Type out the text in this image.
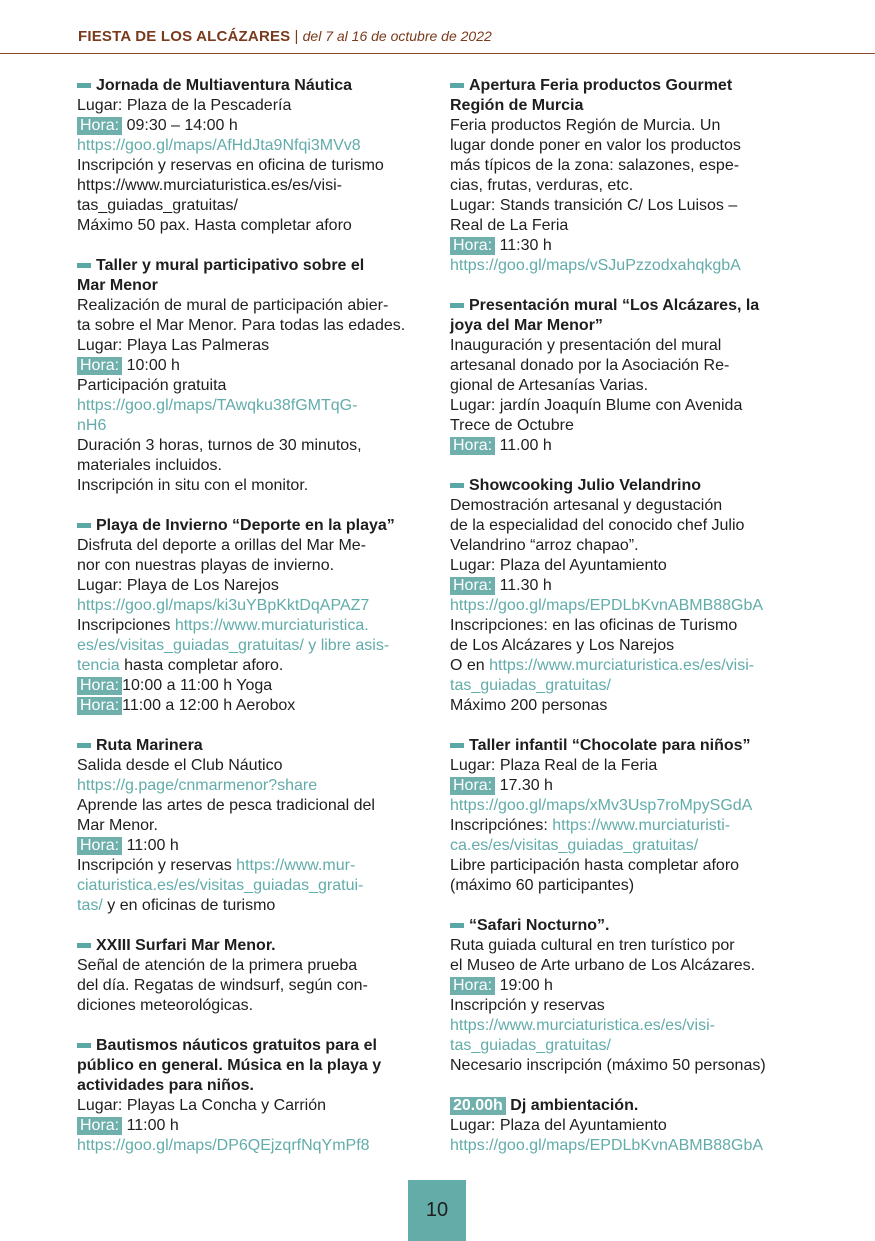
FIESTA DE LOS ALCÁZARES | del 7 al 16 de octubre de 2022
Jornada de Multiaventura Náutica
Lugar: Plaza de la Pescadería
Hora: 09:30 – 14:00 h
https://goo.gl/maps/AfHdJta9Nfqi3MVv8
Inscripción y reservas en oficina de turismo
https://www.murciaturistica.es/es/visi-
tas_guiadas_gratuitas/
Máximo 50 pax. Hasta completar aforo
Taller y mural participativo sobre el
Mar Menor
Realización de mural de participación abier-
ta sobre el Mar Menor. Para todas las edades.
Lugar: Playa Las Palmeras
Hora: 10:00 h
Participación gratuita
https://goo.gl/maps/TAwqku38fGMTqG-
nH6
Duración 3 horas, turnos de 30 minutos,
materiales incluidos.
Inscripción in situ con el monitor.
Playa de Invierno “Deporte en la playa”
Disfruta del deporte a orillas del Mar Me-
nor con nuestras playas de invierno.
Lugar: Playa de Los Narejos
https://goo.gl/maps/ki3uYBpKktDqAPAZ7
Inscripciones https://www.murciaturistica.
es/es/visitas_guiadas_gratuitas/ y libre asis-
tencia hasta completar aforo.
Hora: 10:00 a 11:00 h Yoga
Hora: 11:00 a 12:00 h Aerobox
Ruta Marinera
Salida desde el Club Náutico
https://g.page/cnmarmenor?share
Aprende las artes de pesca tradicional del
Mar Menor.
Hora: 11:00 h
Inscripción y reservas https://www.mur-
ciaturistica.es/es/visitas_guiadas_gratui-
tas/ y en oficinas de turismo
XXIII Surfari Mar Menor.
Señal de atención de la primera prueba
del día. Regatas de windsurf, según con-
diciones meteorológicas.
Bautismos náuticos gratuitos para el
público en general. Música en la playa y
actividades para niños.
Lugar: Playas La Concha y Carrión
Hora: 11:00 h
https://goo.gl/maps/DP6QEjzqrfNqYmPf8
Apertura Feria productos Gourmet
Región de Murcia
Feria productos Región de Murcia. Un
lugar donde poner en valor los productos
más típicos de la zona: salazones, espe-
cias, frutas, verduras, etc.
Lugar: Stands transición C/ Los Luisos –
Real de La Feria
Hora: 11:30 h
https://goo.gl/maps/vSJuPzzodxahqkgbA
Presentación mural “Los Alcázares, la
joya del Mar Menor”
Inauguración y presentación del mural
artesanal donado por la Asociación Re-
gional de Artesanías Varias.
Lugar: jardín Joaquín Blume con Avenida
Trece de Octubre
Hora: 11.00 h
Showcooking Julio Velandrino
Demostración artesanal y degustación
de la especialidad del conocido chef Julio
Velandrino “arroz chapao”.
Lugar: Plaza del Ayuntamiento
Hora: 11.30 h
https://goo.gl/maps/EPDLbKvnABMB88GbA
Inscripciones: en las oficinas de Turismo
de Los Alcázares y Los Narejos
O en https://www.murciaturistica.es/es/visi-
tas_guiadas_gratuitas/
Máximo 200 personas
Taller infantil “Chocolate para niños”
Lugar: Plaza Real de la Feria
Hora: 17.30 h
https://goo.gl/maps/xMv3Usp7roMpySGdA
Inscripciónes: https://www.murciaturisti-
ca.es/es/visitas_guiadas_gratuitas/
Libre participación hasta completar aforo
(máximo 60 participantes)
“Safari Nocturno”.
Ruta guiada cultural en tren turístico por
el Museo de Arte urbano de Los Alcázares.
Hora: 19:00 h
Inscripción y reservas
https://www.murciaturistica.es/es/visi-
tas_guiadas_gratuitas/
Necesario inscripción (máximo 50 personas)
20.00h Dj ambientación.
Lugar: Plaza del Ayuntamiento
https://goo.gl/maps/EPDLbKvnABMB88GbA
10
